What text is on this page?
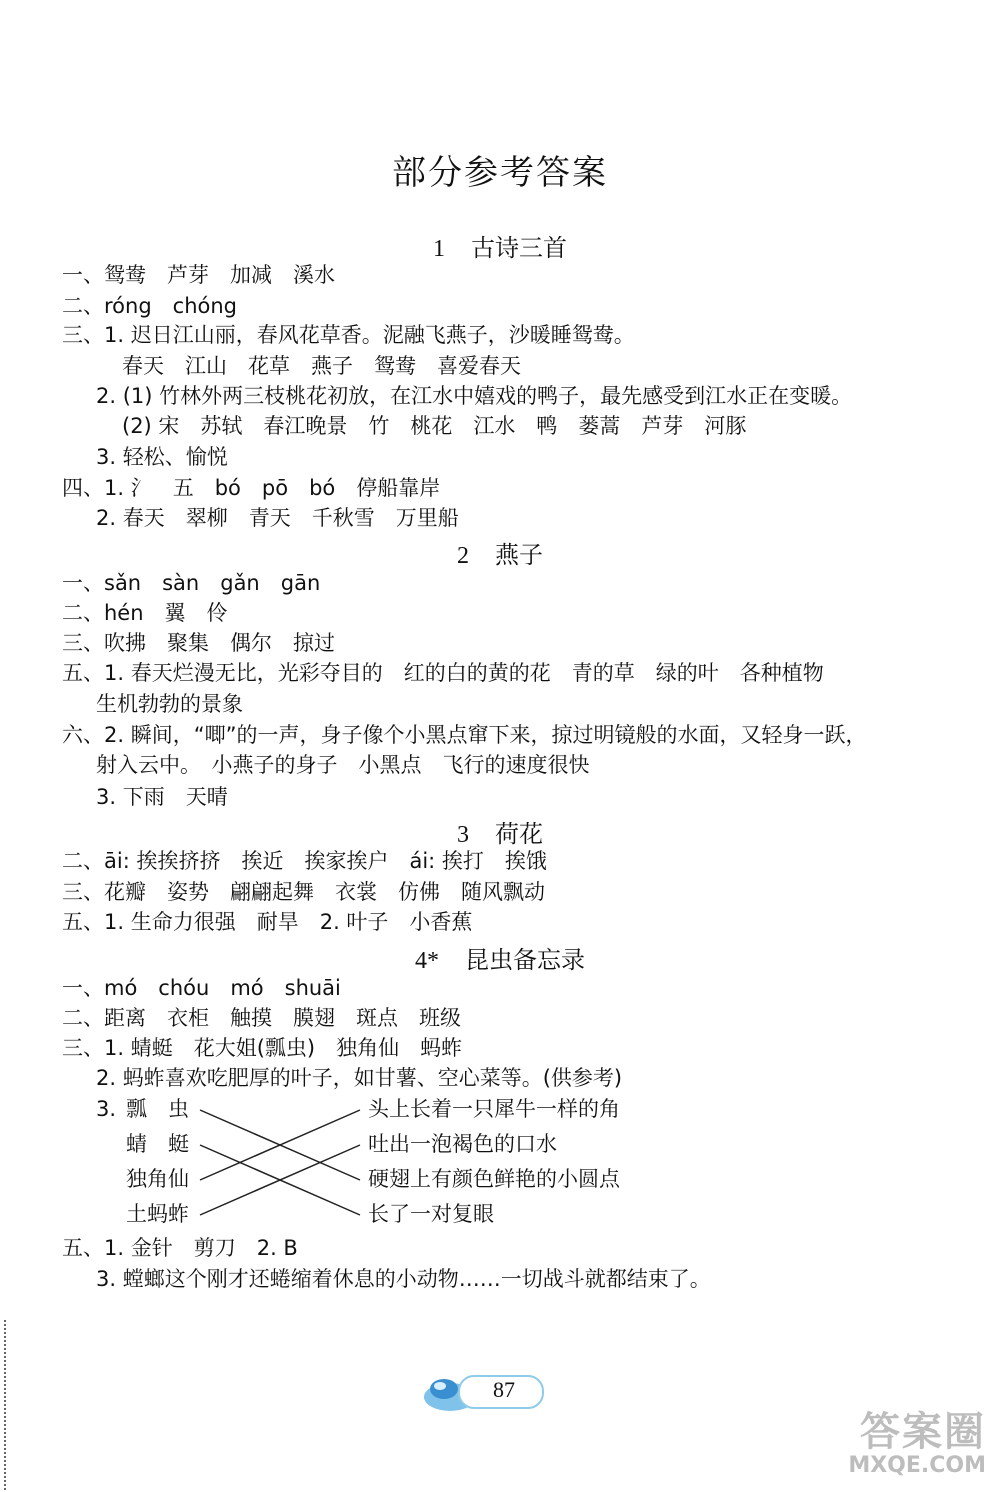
部分参考答案
1 古诗三首
2 燕子
3 荷花
4* 昆虫备忘录
一、鸳鸯　芦芽　加减　溪水
二、róng　chóng
三、1. 迟日江山丽，春风花草香。泥融飞燕子，沙暖睡鸳鸯。
春天　江山　花草　燕子　鸳鸯　喜爱春天
2. (1) 竹林外两三枝桃花初放，在江水中嬉戏的鸭子，最先感受到江水正在变暖。
(2) 宋　苏轼　春江晚景　竹　桃花　江水　鸭　蒌蒿　芦芽　河豚
3. 轻松、愉悦
四、1. 氵　五　bó　pō　bó　停船靠岸
2. 春天　翠柳　青天　千秋雪　万里船
一、sǎn　sàn　gǎn　gān
二、hén　翼　伶
三、吹拂　聚集　偶尔　掠过
五、1. 春天烂漫无比，光彩夺目的　红的白的黄的花　青的草　绿的叶　各种植物
生机勃勃的景象
六、2. 瞬间，“唧”的一声，身子像个小黑点窜下来，掠过明镜般的水面，又轻身一跃，
射入云中。　小燕子的身子　小黑点　飞行的速度很快
3. 下雨　天晴
二、āi: 挨挨挤挤　挨近　挨家挨户　ái: 挨打　挨饿
三、花瓣　姿势　翩翩起舞　衣裳　仿佛　随风飘动
五、1. 生命力很强　耐旱　2. 叶子　小香蕉
一、mó　chóu　mó　shuāi
二、距离　衣柜　触摸　膜翅　斑点　班级
三、1. 蜻蜓　花大姐(瓢虫)　独角仙　蚂蚱
2. 蚂蚱喜欢吃肥厚的叶子，如甘薯、空心菜等。(供参考)
3. 瓢　虫
蜻　蜓
独角仙
土蚂蚱
头上长着一只犀牛一样的角
吐出一泡褐色的口水
硬翅上有颜色鲜艳的小圆点
长了一对复眼
五、1. 金针　剪刀　2. B
3. 螳螂这个刚才还蜷缩着休息的小动物……一切战斗就都结束了。
87
答案圈
MXQE.COM
